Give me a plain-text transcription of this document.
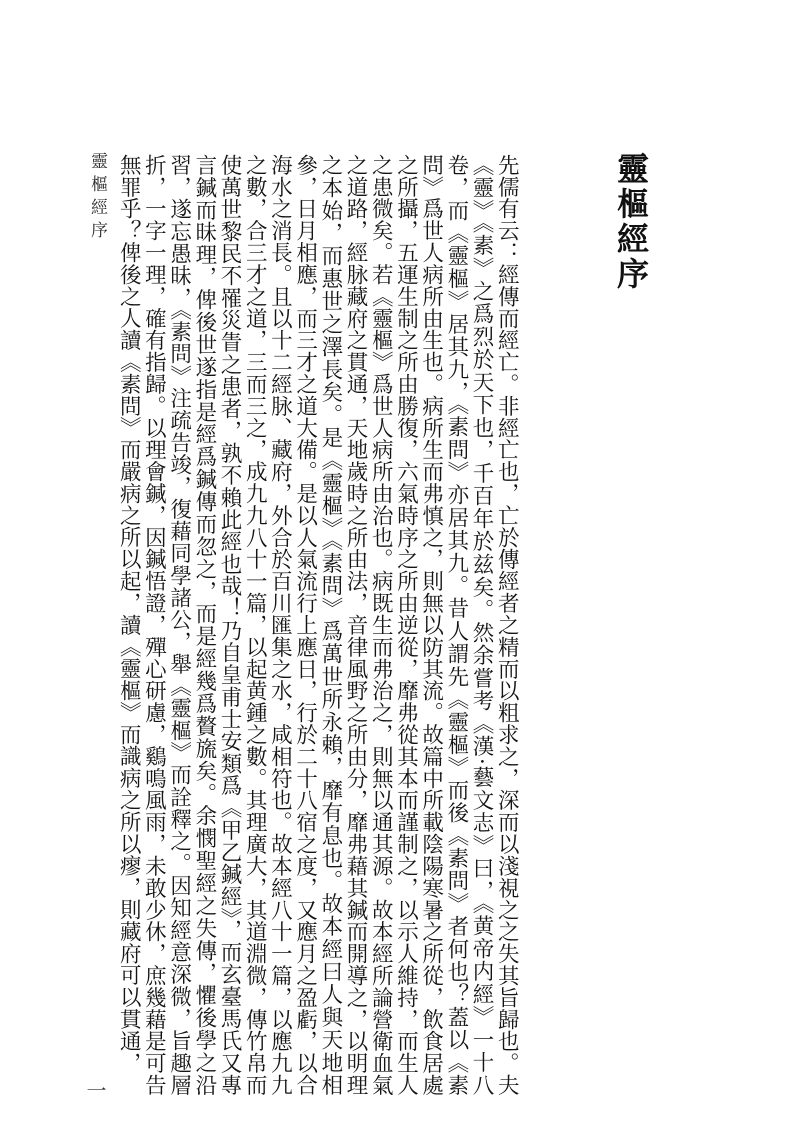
靈樞經序	靈樞經序

先儒有云：經傳而經亡。非經亡也，亡於傳經者之精而以粗求之，深而以淺視之之失其旨歸也。夫《靈》《素》之爲烈於天下也，千百年於兹矣。然余嘗考《漢·藝文志》曰，《黄帝内經》一十八卷，而《靈樞》居其九，《素問》亦居其九。昔人謂先《靈樞》而後《素問》者何也？蓋以《素問》爲世人病所由生也。病所生而弗慎之，則無以防其流。故篇中所載陰陽寒暑之所從，飲食居處之所攝，五運生制之所由勝復，六氣時序之所由逆從，靡弗從其本而謹制之，以示人維持，而生人之患微矣。若《靈樞》爲世人病所由治也。病既生而弗治之，則無以通其源。故本經所論營衛血氣之道路，經脉藏府之貫通，天地歲時之所由法，音律風野之所由分，靡弗藉其鍼而開導之，以明理之本始，而惠世之澤長矣。是《靈樞》《素問》爲萬世所永賴，靡有息也。故本經曰人與天地相參，日月相應，而三才之道大備。是以人氣流行上應日，行於二十八宿之度，又應月之盈虧，以合海水之消長。且以十二經脉、藏府，外合於百川匯集之水，咸相符也。故本經八十一篇，以應九九之數，合三才之道，三而三之，成九九八十一篇，以起黄鍾之數。其理廣大，其道淵微，傳竹帛而使萬世黎民不罹災眚之患者，孰不賴此經也哉！乃自皇甫士安類爲《甲乙鍼經》，而玄臺馬氏又專言鍼而昧理，俾後世遂指是經爲鍼傳而忽之，而是經幾爲贅旒矣。余憫聖經之失傳，懼後學之沿習，遂忘愚昧，《素問》注疏告竣，復藉同學諸公，舉《靈樞》而詮釋之。因知經意深微，旨趣層折，一字一理，確有指歸。以理會鍼，因鍼悟證，殫心研慮，鷄鳴風雨，未敢少休，庶幾藉是可告無罪乎？俾後之人讀《素問》而嚴病之所以起，讀《靈樞》而識病之所以瘳，則藏府可以貫通，

一
